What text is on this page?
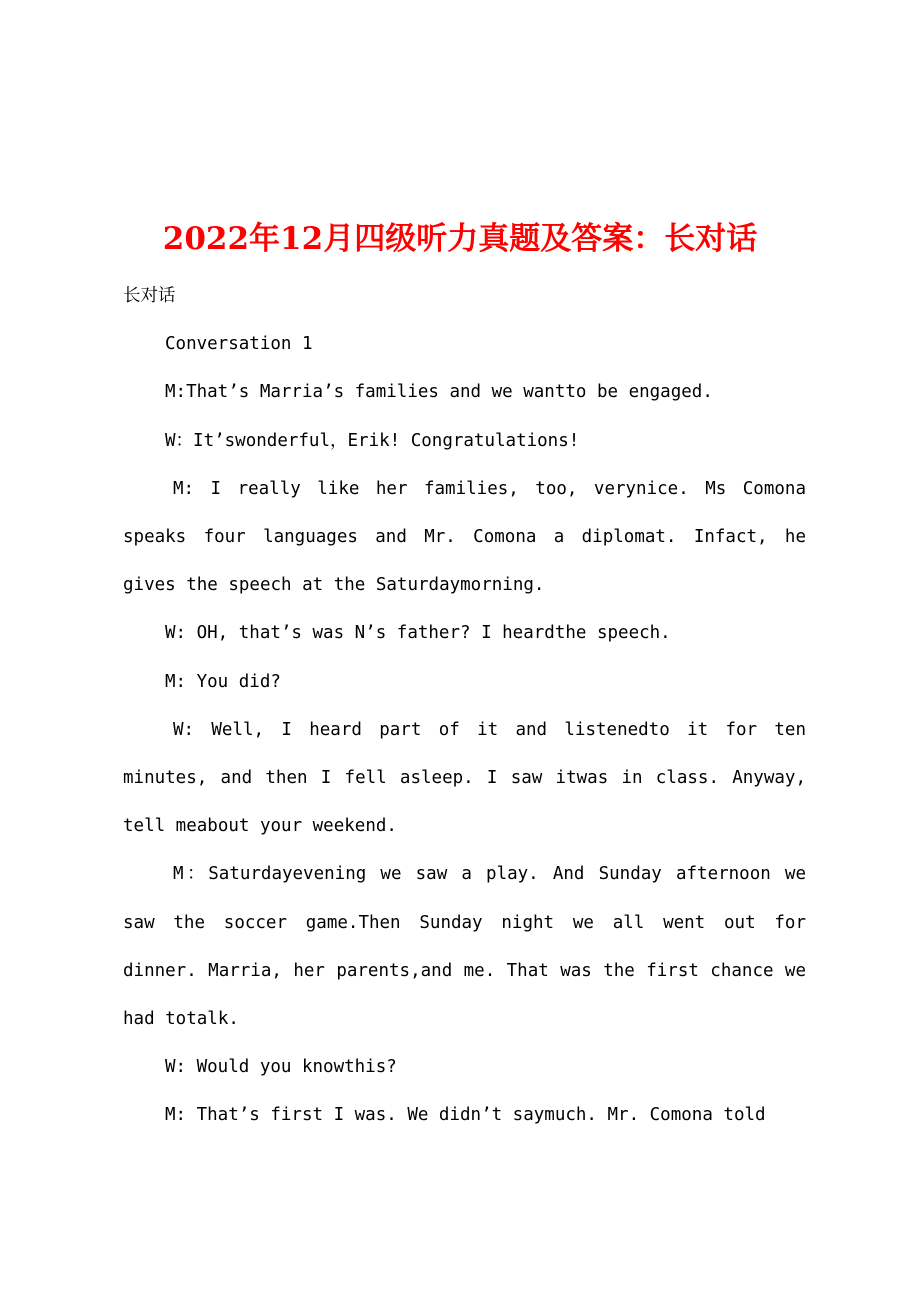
2022年12月四级听力真题及答案：长对话

长对话

Conversation 1

M:That’s Marria’s families and we wantto be engaged.

W：It’swonderful，Erik! Congratulations!

M: I really like her families, too, verynice. Ms Comona speaks four languages and Mr. Comona a diplomat. Infact, he gives the speech at the Saturdaymorning.

W: OH, that’s was N’s father? I heardthe speech.

M: You did?

W: Well, I heard part of it and listenedto it for ten minutes, and then I fell asleep. I saw itwas in class. Anyway, tell meabout your weekend.

M：Saturdayevening we saw a play. And Sunday afternoon we saw the soccer game.Then Sunday night we all went out for dinner. Marria, her parents,and me. That was the first chance we had totalk.

W: Would you knowthis?

M: That’s first I was. We didn’t saymuch. Mr. Comona told
